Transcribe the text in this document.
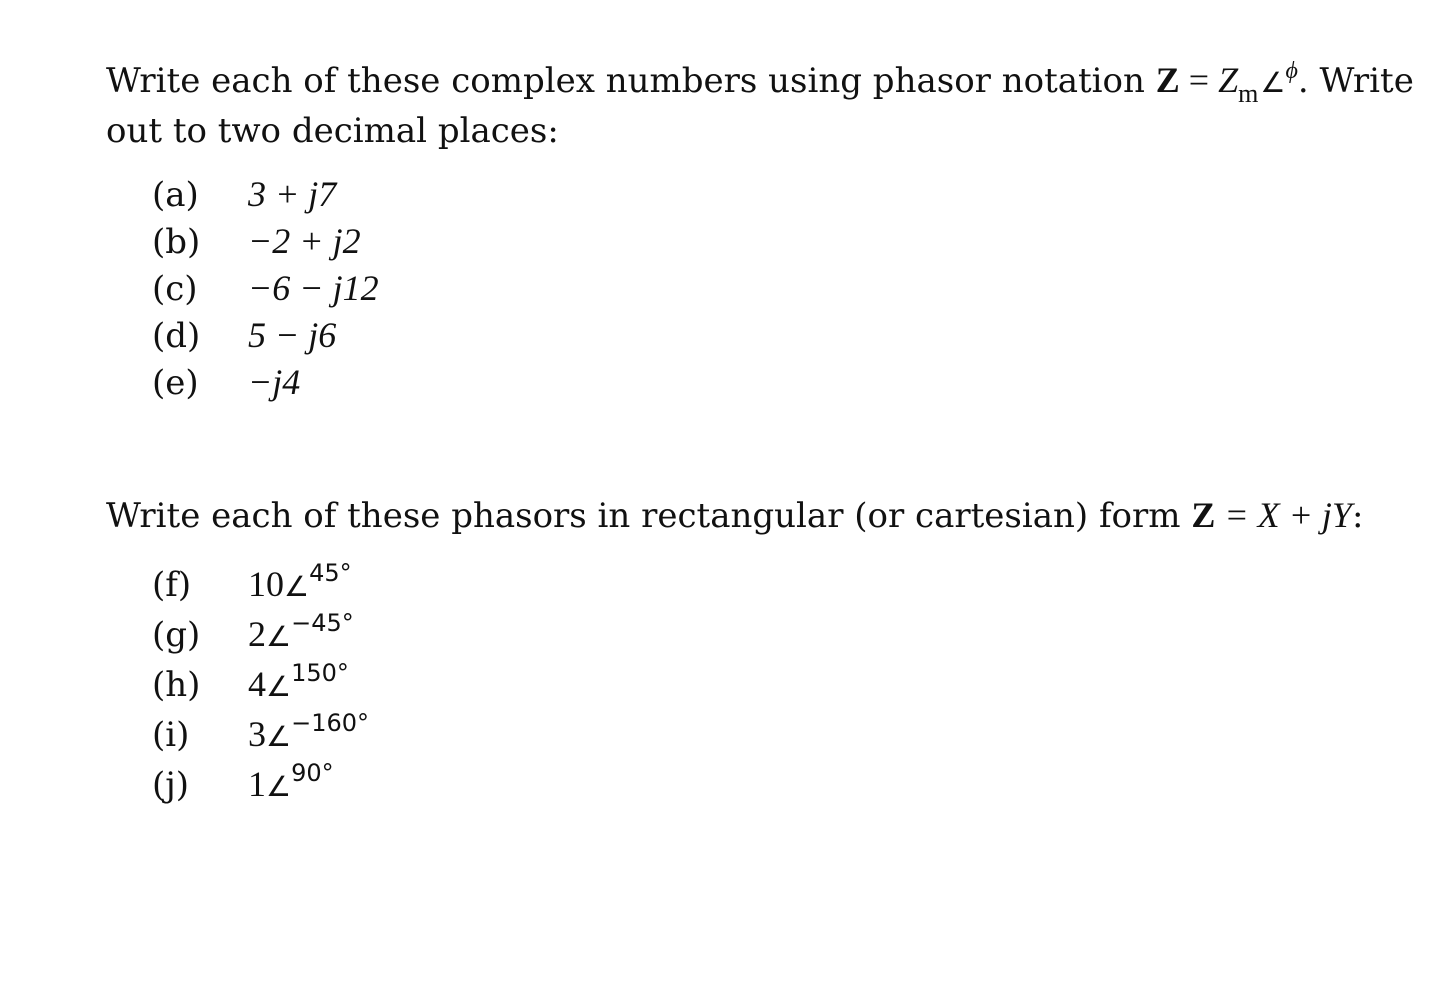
Write each of these complex numbers using phasor notation $Z = Z_m\angle^\phi$. Write
out to two decimal places:
(a) 3 + j7
(b) −2 + j2
(c) −6 − j12
(d) 5 − j6
(e) −j4
Write each of these phasors in rectangular (or cartesian) form Z = X + jY:
(f) 10∠$^{45^\circ}$
(g) 2∠$^{-45^\circ}$
(h) 4∠$^{150^\circ}$
(i) 3∠$^{-160^\circ}$
(j) 1∠$^{90^\circ}$
